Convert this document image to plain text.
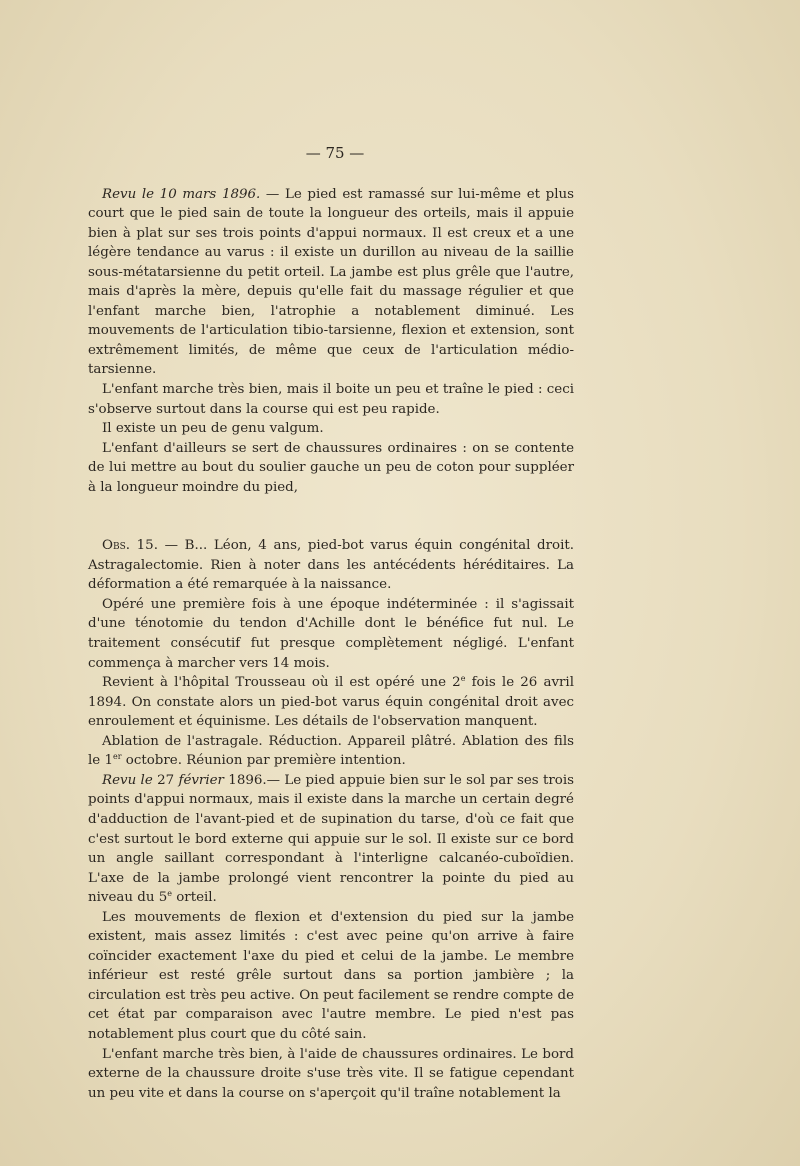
— 75 —

Revu le 10 mars 1896. — Le pied est ramassé sur lui-même et plus court que le pied sain de toute la longueur des orteils, mais il appuie bien à plat sur ses trois points d'appui normaux. Il est creux et a une légère tendance au varus : il existe un durillon au niveau de la saillie sous-métatarsienne du petit orteil. La jambe est plus grêle que l'autre, mais d'après la mère, depuis qu'elle fait du massage régulier et que l'enfant marche bien, l'atrophie a notablement diminué. Les mouvements de l'articulation tibio-tarsienne, flexion et extension, sont extrêmement limités, de même que ceux de l'articulation médio-tarsienne.

L'enfant marche très bien, mais il boite un peu et traîne le pied : ceci s'observe surtout dans la course qui est peu rapide.

Il existe un peu de genu valgum.

L'enfant d'ailleurs se sert de chaussures ordinaires : on se contente de lui mettre au bout du soulier gauche un peu de coton pour suppléer à la longueur moindre du pied,

Obs. 15. — B... Léon, 4 ans, pied-bot varus équin congénital droit. Astragalectomie. Rien à noter dans les antécédents héréditaires. La déformation a été remarquée à la naissance.

Opéré une première fois à une époque indéterminée : il s'agissait d'une ténotomie du tendon d'Achille dont le bénéfice fut nul. Le traitement consécutif fut presque complètement négligé. L'enfant commença à marcher vers 14 mois.

Revient à l'hôpital Trousseau où il est opéré une 2e fois le 26 avril 1894. On constate alors un pied-bot varus équin congénital droit avec enroulement et équinisme. Les détails de l'observation manquent.

Ablation de l'astragale. Réduction. Appareil plâtré. Ablation des fils le 1er octobre. Réunion par première intention.

Revu le 27 février 1896.— Le pied appuie bien sur le sol par ses trois points d'appui normaux, mais il existe dans la marche un certain degré d'adduction de l'avant-pied et de supination du tarse, d'où ce fait que c'est surtout le bord externe qui appuie sur le sol. Il existe sur ce bord un angle saillant correspondant à l'interligne calcanéo-cuboïdien. L'axe de la jambe prolongé vient rencontrer la pointe du pied au niveau du 5e orteil.

Les mouvements de flexion et d'extension du pied sur la jambe existent, mais assez limités : c'est avec peine qu'on arrive à faire coïncider exactement l'axe du pied et celui de la jambe. Le membre inférieur est resté grêle surtout dans sa portion jambière ; la circulation est très peu active. On peut facilement se rendre compte de cet état par comparaison avec l'autre membre. Le pied n'est pas notablement plus court que du côté sain.

L'enfant marche très bien, à l'aide de chaussures ordinaires. Le bord externe de la chaussure droite s'use très vite. Il se fatigue cependant un peu vite et dans la course on s'aperçoit qu'il traîne notablement la
